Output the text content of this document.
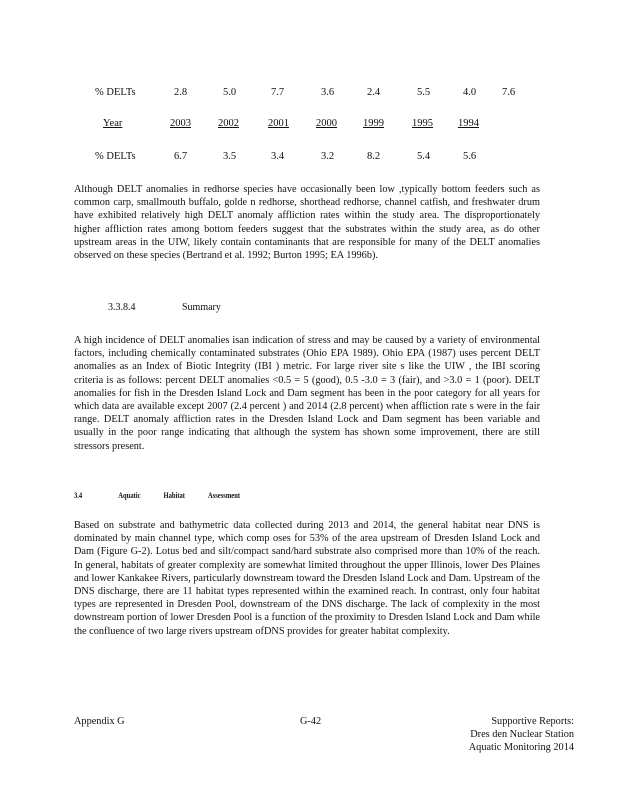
% DELTs	2.8	5.0	7.7	3.6	2.4	5.5	4.0 7.6
Year	2003	2002	2001	2000 1999	1995 1994
% DELTs	6.7	3.5	3.4	3.2	8.2	5.4	5.6

Although DELT anomalies in redhorse species have occasionally been low ,typically bottom feeders such as common carp, smallmouth buffalo, golde n redhorse, shorthead redhorse, channel catfish, and freshwater drum have exhibited relatively high DELT anomaly affliction rates within the study area. The disproportionately higher affliction rates among bottom feeders suggest that the substrates within the study area, as do other upstream areas in the UIW, likely contain contaminants that are responsible for many of the DELT anomalies observed on these species (Bertrand et al. 1992; Burton 1995; EA 1996b).

3.3.8.4	Summary

A high incidence of DELT anomalies isan indication of stress and may be caused by a variety of environmental factors, including chemically contaminated substrates (Ohio EPA 1989). Ohio EPA (1987) uses percent DELT anomalies as an Index of Biotic Integrity (IBI ) metric. For large river site s like the UIW , the IBI scoring criteria is as follows: percent DELT anomalies <0.5 = 5 (good), 0.5 -3.0 = 3 (fair), and >3.0 = 1 (poor). DELT anomalies for fish in the Dresden Island Lock and Dam segment has been in the poor category for all years for which data are available except 2007 (2.4 percent ) and 2014 (2.8 percent) when affliction rate s were in the fair range. DELT anomaly affliction rates in the Dresden Island Lock and Dam segment has been variable and usually in the poor range indicating that although the system has shown some improvement, there are still stressors present.

3.4	Aquatic	Habitat	Assessment

Based on substrate and bathymetric data collected during 2013 and 2014, the general habitat near DNS is dominated by main channel type, which comp oses for 53% of the area upstream of Dresden Island Lock and Dam (Figure G-2). Lotus bed and silt/compact sand/hard substrate also comprised more than 10% of the reach. In general, habitats of greater complexity are somewhat limited throughout the upper Illinois, lower Des Plaines and lower Kankakee Rivers, particularly downstream toward the Dresden Island Lock and Dam. Upstream of the DNS discharge, there are 11 habitat types represented within the examined reach. In contrast, only four habitat types are represented in Dresden Pool, downstream of the DNS discharge. The lack of complexity in the most downstream portion of lower Dresden Pool is a function of the proximity to Dresden Island Lock and Dam while the confluence of two large rivers upstream ofDNS provides for greater habitat complexity.

Appendix G	G-42	Supportive Reports:
Dres den Nuclear Station
Aquatic Monitoring 2014
